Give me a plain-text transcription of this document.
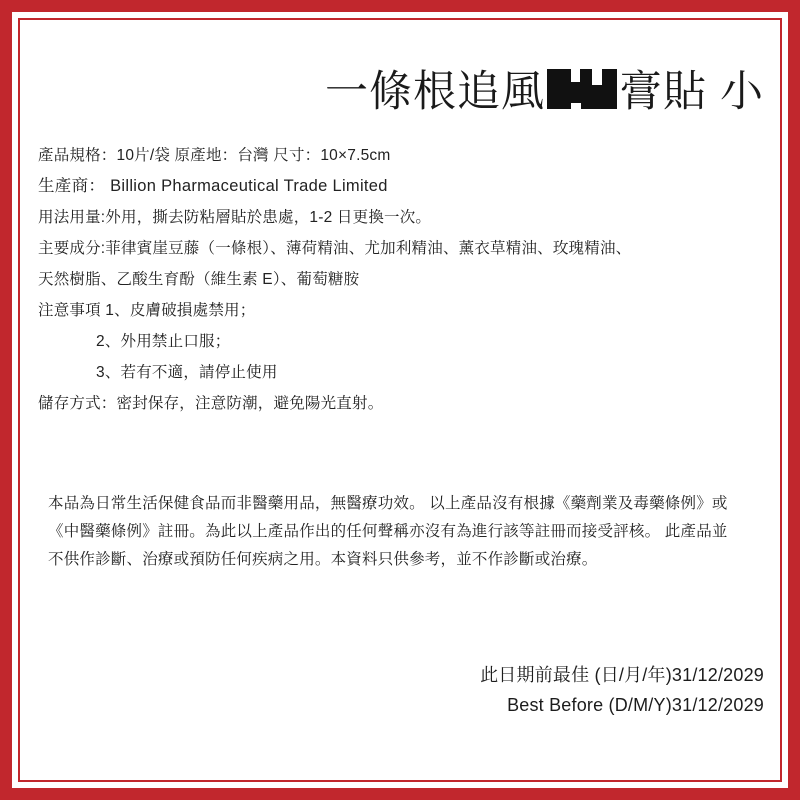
一條根追風 膏貼 小
產品規格：10片/袋 原產地：台灣 尺寸：10×7.5cm
生產商： Billion Pharmaceutical Trade Limited
用法用量:外用，撕去防粘層貼於患處，1-2 日更換一次。
主要成分:菲律賓崖豆藤（一條根）、薄荷精油、尤加利精油、薰衣草精油、玫瑰精油、
天然樹脂、乙酸生育酚（維生素 E）、葡萄糖胺
注意事項 1、皮膚破損處禁用；
2、外用禁止口服；
3、若有不適，請停止使用
儲存方式：密封保存，注意防潮，避免陽光直射。
本品為日常生活保健食品而非醫藥用品，無醫療功效。 以上產品沒有根據《藥劑業及毒藥條例》或《中醫藥條例》註冊。為此以上產品作出的任何聲稱亦沒有為進行該等註冊而接受評核。 此產品並不供作診斷、治療或預防任何疾病之用。本資料只供參考，並不作診斷或治療。
此日期前最佳 (日/月/年)31/12/2029
Best Before (D/M/Y)31/12/2029
